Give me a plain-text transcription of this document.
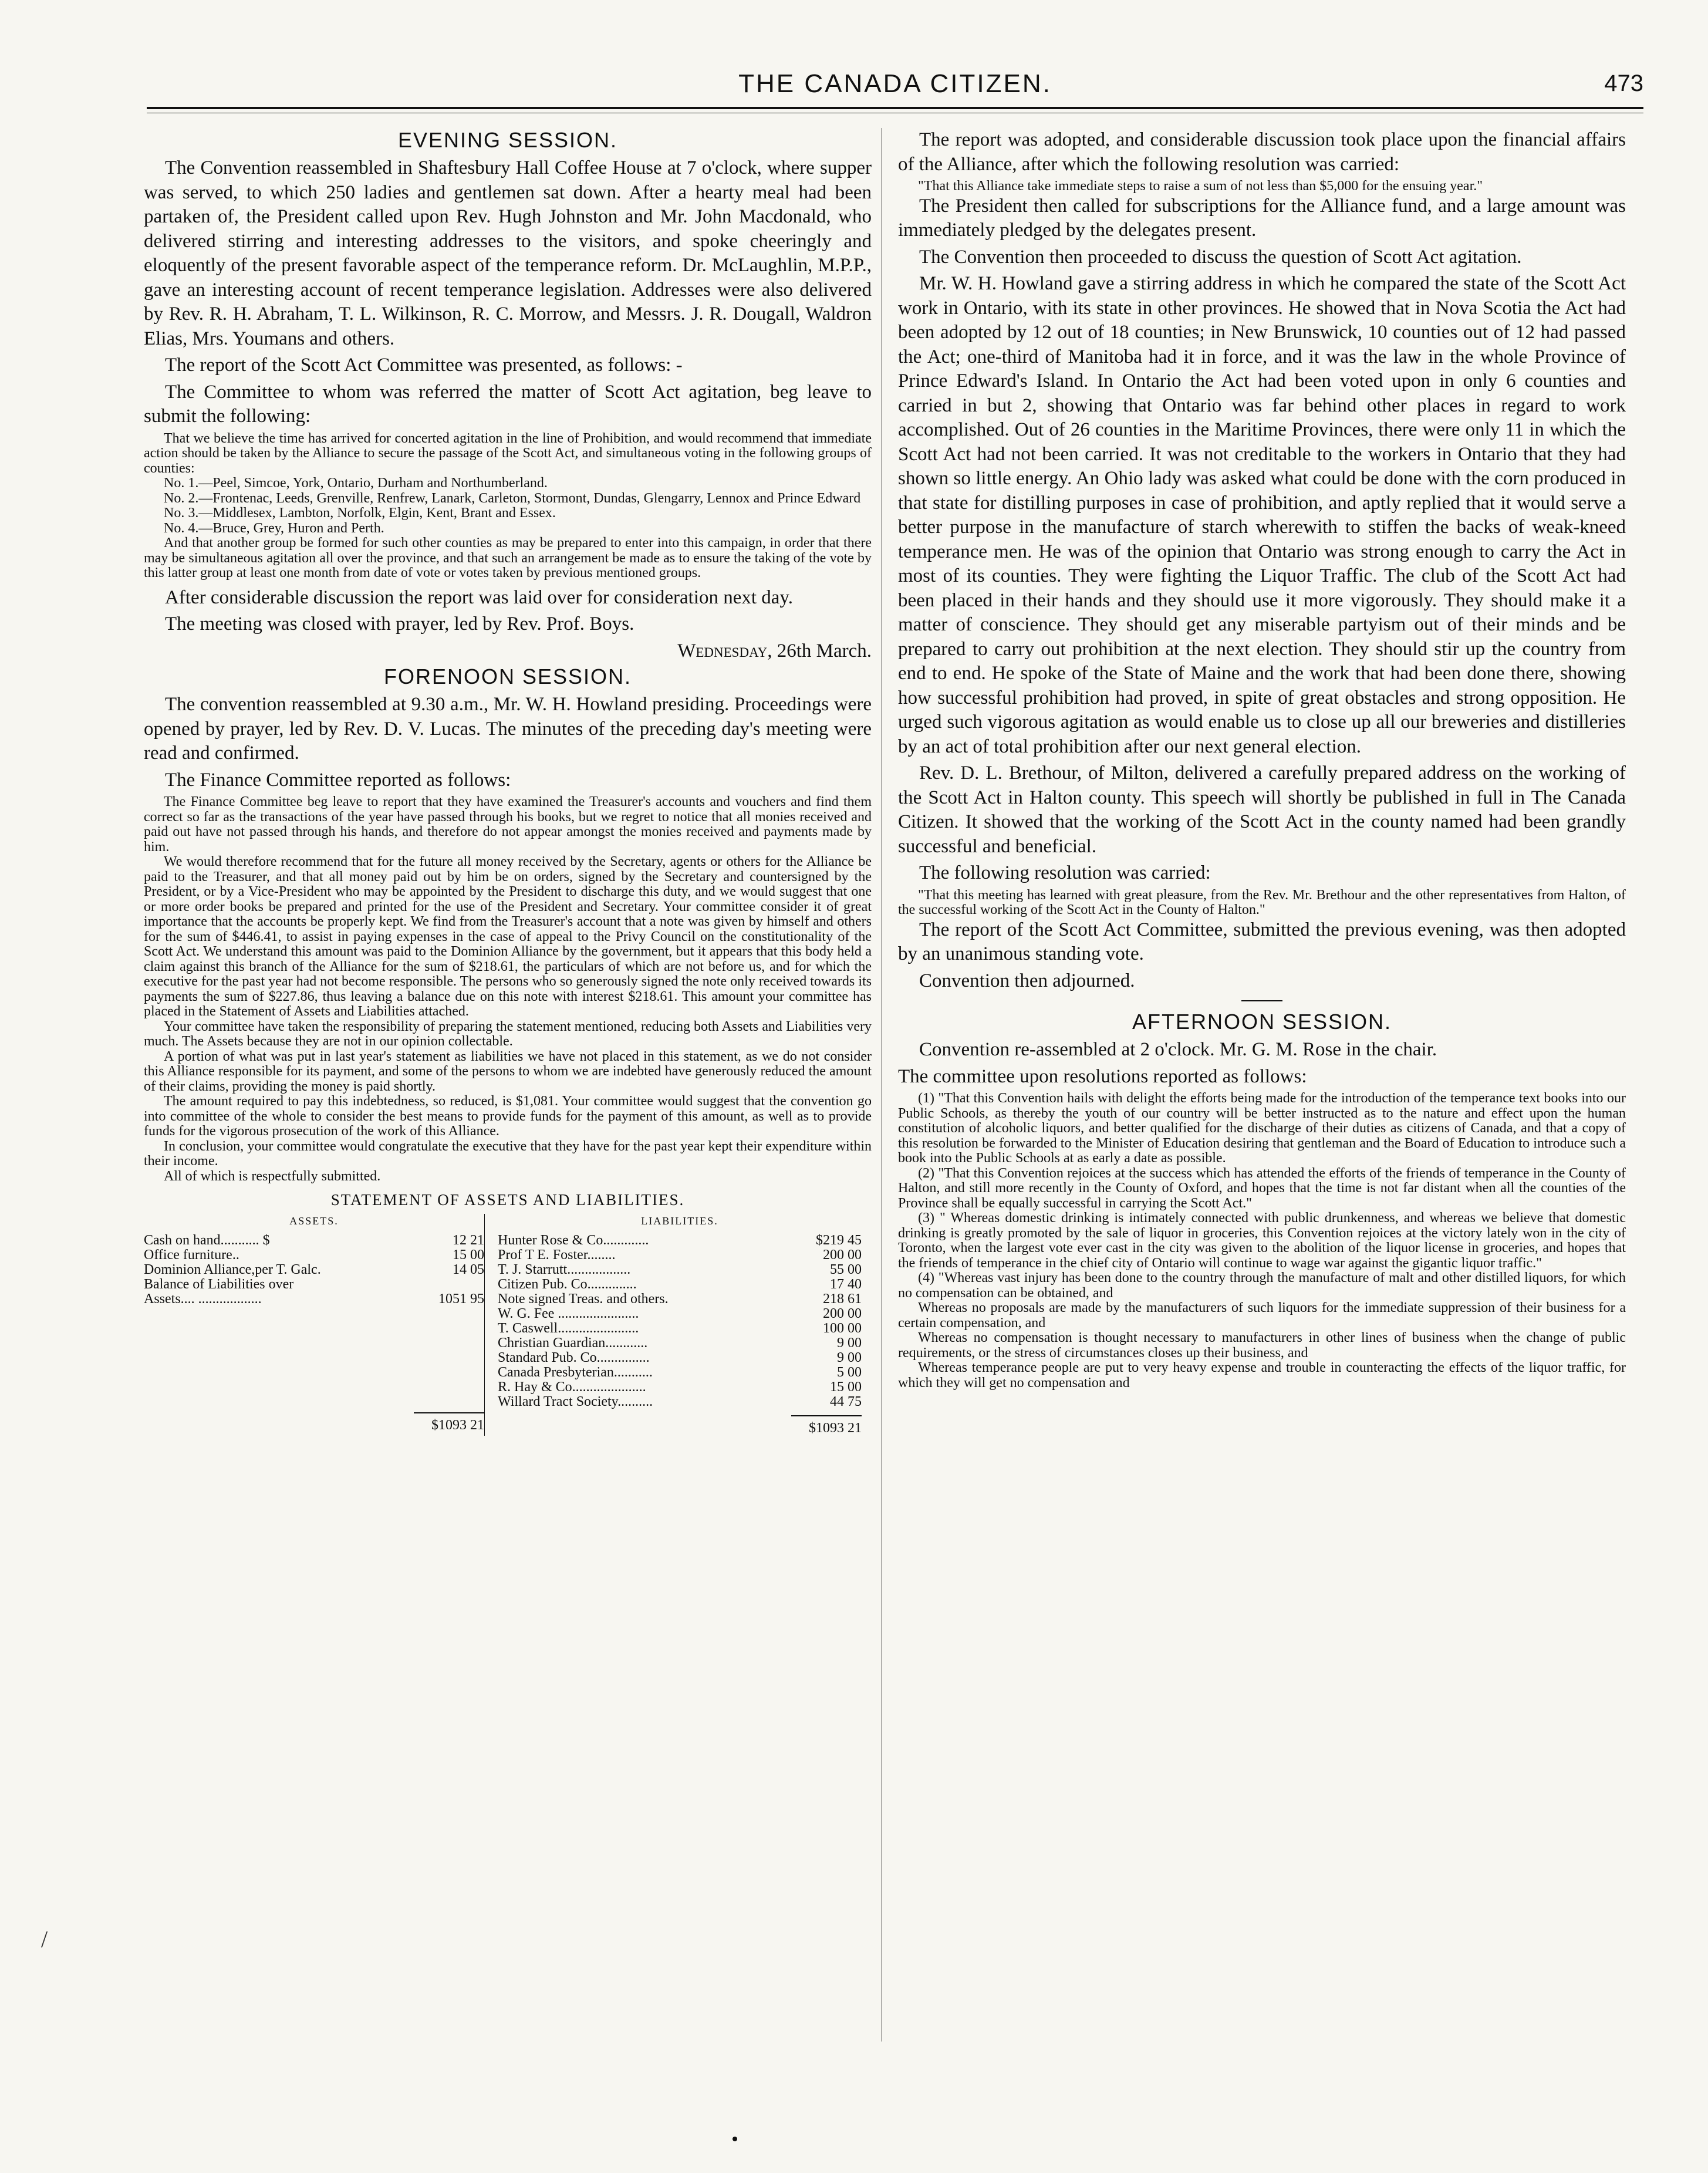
THE CANADA CITIZEN.	473
EVENING SESSION.

The Convention reassembled in Shaftesbury Hall Coffee House at 7 o'clock, where supper was served, to which 250 ladies and gentlemen sat down. After a hearty meal had been partaken of, the President called upon Rev. Hugh Johnston and Mr. John Macdonald, who delivered stirring and interesting addresses to the visitors, and spoke cheeringly and eloquently of the present favorable aspect of the temperance reform. Dr. McLaughlin, M.P.P., gave an interesting account of recent temperance legislation. Addresses were also delivered by Rev. R. H. Abraham, T. L. Wilkinson, R. C. Morrow, and Messrs. J. R. Dougall, Waldron Elias, Mrs. Youmans and others.

The report of the Scott Act Committee was presented, as follows: -

The Committee to whom was referred the matter of Scott Act agitation, beg leave to submit the following:

That we believe the time has arrived for concerted agitation in the line of Prohibition, and would recommend that immediate action should be taken by the Alliance to secure the passage of the Scott Act, and simultaneous voting in the following groups of counties:

No. 1.—Peel, Simcoe, York, Ontario, Durham and Northumberland.

No. 2.—Frontenac, Leeds, Grenville, Renfrew, Lanark, Carleton, Stormont, Dundas, Glengarry, Lennox and Prince Edward

No. 3.—Middlesex, Lambton, Norfolk, Elgin, Kent, Brant and Essex.

No. 4.—Bruce, Grey, Huron and Perth.

And that another group be formed for such other counties as may be prepared to enter into this campaign, in order that there may be simultaneous agitation all over the province, and that such an arrangement be made as to ensure the taking of the vote by this latter group at least one month from date of vote or votes taken by previous mentioned groups.

After considerable discussion the report was laid over for consideration next day.

The meeting was closed with prayer, led by Rev. Prof. Boys.

Wednesday, 26th March.
FORENOON SESSION.

The convention reassembled at 9.30 a.m., Mr. W. H. Howland presiding. Proceedings were opened by prayer, led by Rev. D. V. Lucas. The minutes of the preceding day's meeting were read and confirmed.

The Finance Committee reported as follows:

The Finance Committee beg leave to report that they have examined the Treasurer's accounts and vouchers and find them correct so far as the transactions of the year have passed through his books, but we regret to notice that all monies received and paid out have not passed through his hands, and therefore do not appear amongst the monies received and payments made by him.

We would therefore recommend that for the future all money received by the Secretary, agents or others for the Alliance be paid to the Treasurer, and that all money paid out by him be on orders, signed by the Secretary and countersigned by the President, or by a Vice-President who may be appointed by the President to discharge this duty, and we would suggest that one or more order books be prepared and printed for the use of the President and Secretary. Your committee consider it of great importance that the accounts be properly kept. We find from the Treasurer's account that a note was given by himself and others for the sum of $446.41, to assist in paying expenses in the case of appeal to the Privy Council on the constitutionality of the Scott Act. We understand this amount was paid to the Dominion Alliance by the government, but it appears that this body held a claim against this branch of the Alliance for the sum of $218.61, the particulars of which are not before us, and for which the executive for the past year had not become responsible. The persons who so generously signed the note only received towards its payments the sum of $227.86, thus leaving a balance due on this note with interest $218.61. This amount your committee has placed in the Statement of Assets and Liabilities attached.

Your committee have taken the responsibility of preparing the statement mentioned, reducing both Assets and Liabilities very much. The Assets because they are not in our opinion collectable.

A portion of what was put in last year's statement as liabilities we have not placed in this statement, as we do not consider this Alliance responsible for its payment, and some of the persons to whom we are indebted have generously reduced the amount of their claims, providing the money is paid shortly.

The amount required to pay this indebtedness, so reduced, is $1,081. Your committee would suggest that the convention go into committee of the whole to consider the best means to provide funds for the payment of this amount, as well as to provide funds for the vigorous prosecution of the work of this Alliance.

In conclusion, your committee would congratulate the executive that they have for the past year kept their expenditure within their income.

All of which is respectfully submitted.

STATEMENT OF ASSETS AND LIABILITIES.
ASSETS.
Cash on hand........... $	12 21
Office furniture..	15 00
Dominion Alliance,per T. Galc.	14 05
Balance of Liabilities over
Assets.... ..................	1051 95
$1093 21
LIABILITIES.
Hunter Rose & Co.............	$219 45
Prof T E. Foster........	200 00
T. J. Starrutt..................	55 00
Citizen Pub. Co..............	17 40
Note signed Treas. and others.	218 61
W. G. Fee .......................	200 00
T. Caswell.......................	100 00
Christian Guardian............	9 00
Standard Pub. Co...............	9 00
Canada Presbyterian...........	5 00
R. Hay & Co.....................	15 00
Willard Tract Society..........	44 75
$1093 21

The report was adopted, and considerable discussion took place upon the financial affairs of the Alliance, after which the following resolution was carried:

"That this Alliance take immediate steps to raise a sum of not less than $5,000 for the ensuing year."

The President then called for subscriptions for the Alliance fund, and a large amount was immediately pledged by the delegates present.

The Convention then proceeded to discuss the question of Scott Act agitation.

Mr. W. H. Howland gave a stirring address in which he compared the state of the Scott Act work in Ontario, with its state in other provinces. He showed that in Nova Scotia the Act had been adopted by 12 out of 18 counties; in New Brunswick, 10 counties out of 12 had passed the Act; one-third of Manitoba had it in force, and it was the law in the whole Province of Prince Edward's Island. In Ontario the Act had been voted upon in only 6 counties and carried in but 2, showing that Ontario was far behind other places in regard to work accomplished. Out of 26 counties in the Maritime Provinces, there were only 11 in which the Scott Act had not been carried. It was not creditable to the workers in Ontario that they had shown so little energy. An Ohio lady was asked what could be done with the corn produced in that state for distilling purposes in case of prohibition, and aptly replied that it would serve a better purpose in the manufacture of starch wherewith to stiffen the backs of weak-kneed temperance men. He was of the opinion that Ontario was strong enough to carry the Act in most of its counties. They were fighting the Liquor Traffic. The club of the Scott Act had been placed in their hands and they should use it more vigorously. They should make it a matter of conscience. They should get any miserable partyism out of their minds and be prepared to carry out prohibition at the next election. They should stir up the country from end to end. He spoke of the State of Maine and the work that had been done there, showing how successful prohibition had proved, in spite of great obstacles and strong opposition. He urged such vigorous agitation as would enable us to close up all our breweries and distilleries by an act of total prohibition after our next general election.

Rev. D. L. Brethour, of Milton, delivered a carefully prepared address on the working of the Scott Act in Halton county. This speech will shortly be published in full in The Canada Citizen. It showed that the working of the Scott Act in the county named had been grandly successful and beneficial.

The following resolution was carried:

"That this meeting has learned with great pleasure, from the Rev. Mr. Brethour and the other representatives from Halton, of the successful working of the Scott Act in the County of Halton."

The report of the Scott Act Committee, submitted the previous evening, was then adopted by an unanimous standing vote.

Convention then adjourned.

AFTERNOON SESSION.

Convention re-assembled at 2 o'clock. Mr. G. M. Rose in the chair.

The committee upon resolutions reported as follows:

(1) "That this Convention hails with delight the efforts being made for the introduction of the temperance text books into our Public Schools, as thereby the youth of our country will be better instructed as to the nature and effect upon the human constitution of alcoholic liquors, and better qualified for the discharge of their duties as citizens of Canada, and that a copy of this resolution be forwarded to the Minister of Education desiring that gentleman and the Board of Education to introduce such a book into the Public Schools at as early a date as possible.

(2) "That this Convention rejoices at the success which has attended the efforts of the friends of temperance in the County of Halton, and still more recently in the County of Oxford, and hopes that the time is not far distant when all the counties of the Province shall be equally successful in carrying the Scott Act."

(3) " Whereas domestic drinking is intimately connected with public drunkenness, and whereas we believe that domestic drinking is greatly promoted by the sale of liquor in groceries, this Convention rejoices at the victory lately won in the city of Toronto, when the largest vote ever cast in the city was given to the abolition of the liquor license in groceries, and hopes that the friends of temperance in the chief city of Ontario will continue to wage war against the gigantic liquor traffic."

(4) "Whereas vast injury has been done to the country through the manufacture of malt and other distilled liquors, for which no compensation can be obtained, and

Whereas no proposals are made by the manufacturers of such liquors for the immediate suppression of their business for a certain compensation, and

Whereas no compensation is thought necessary to manufacturers in other lines of business when the change of public requirements, or the stress of circumstances closes up their business, and

Whereas temperance people are put to very heavy expense and trouble in counteracting the effects of the liquor traffic, for which they will get no compensation and

/
